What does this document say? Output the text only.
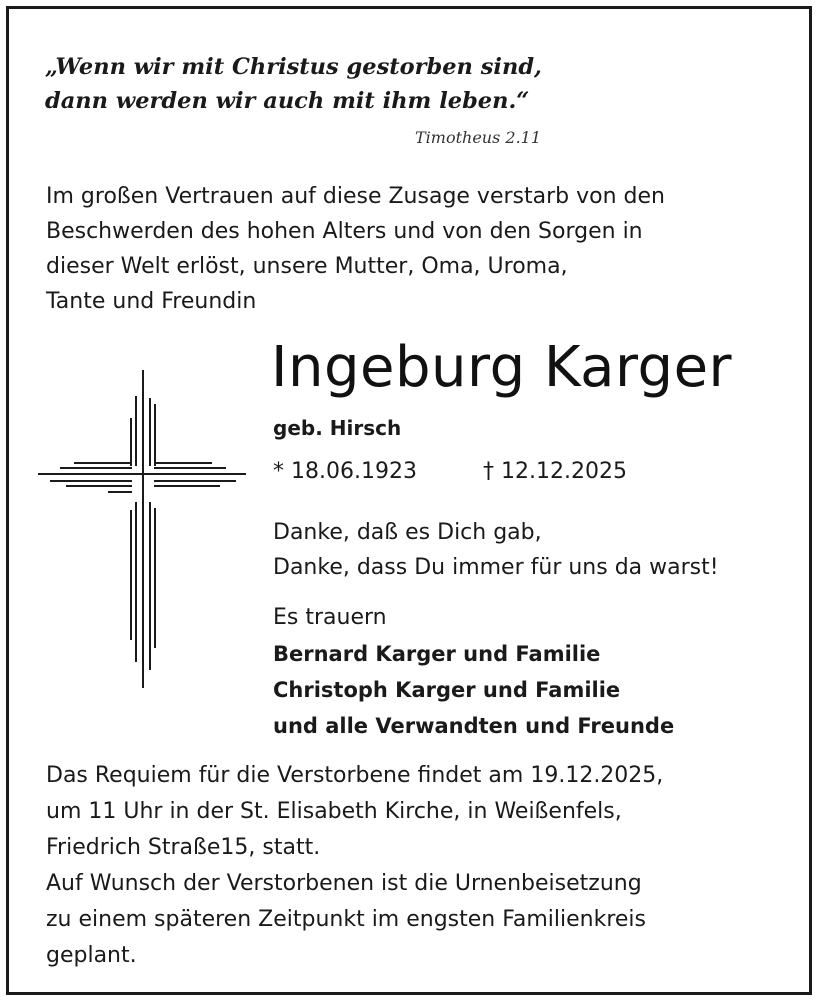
„Wenn wir mit Christus gestorben sind,
dann werden wir auch mit ihm leben.“
Timotheus 2.11
Im großen Vertrauen auf diese Zusage verstarb von den
Beschwerden des hohen Alters und von den Sorgen in
dieser Welt erlöst, unsere Mutter, Oma, Uroma,
Tante und Freundin
Ingeburg Karger
geb. Hirsch
* 18.06.1923	† 12.12.2025
Danke, daß es Dich gab,
Danke, dass Du immer für uns da warst!
Es trauern
Bernard Karger und Familie
Christoph Karger und Familie
und alle Verwandten und Freunde
Das Requiem für die Verstorbene findet am 19.12.2025,
um 11 Uhr in der St. Elisabeth Kirche, in Weißenfels,
Friedrich Straße15, statt.
Auf Wunsch der Verstorbenen ist die Urnenbeisetzung
zu einem späteren Zeitpunkt im engsten Familienkreis
geplant.
